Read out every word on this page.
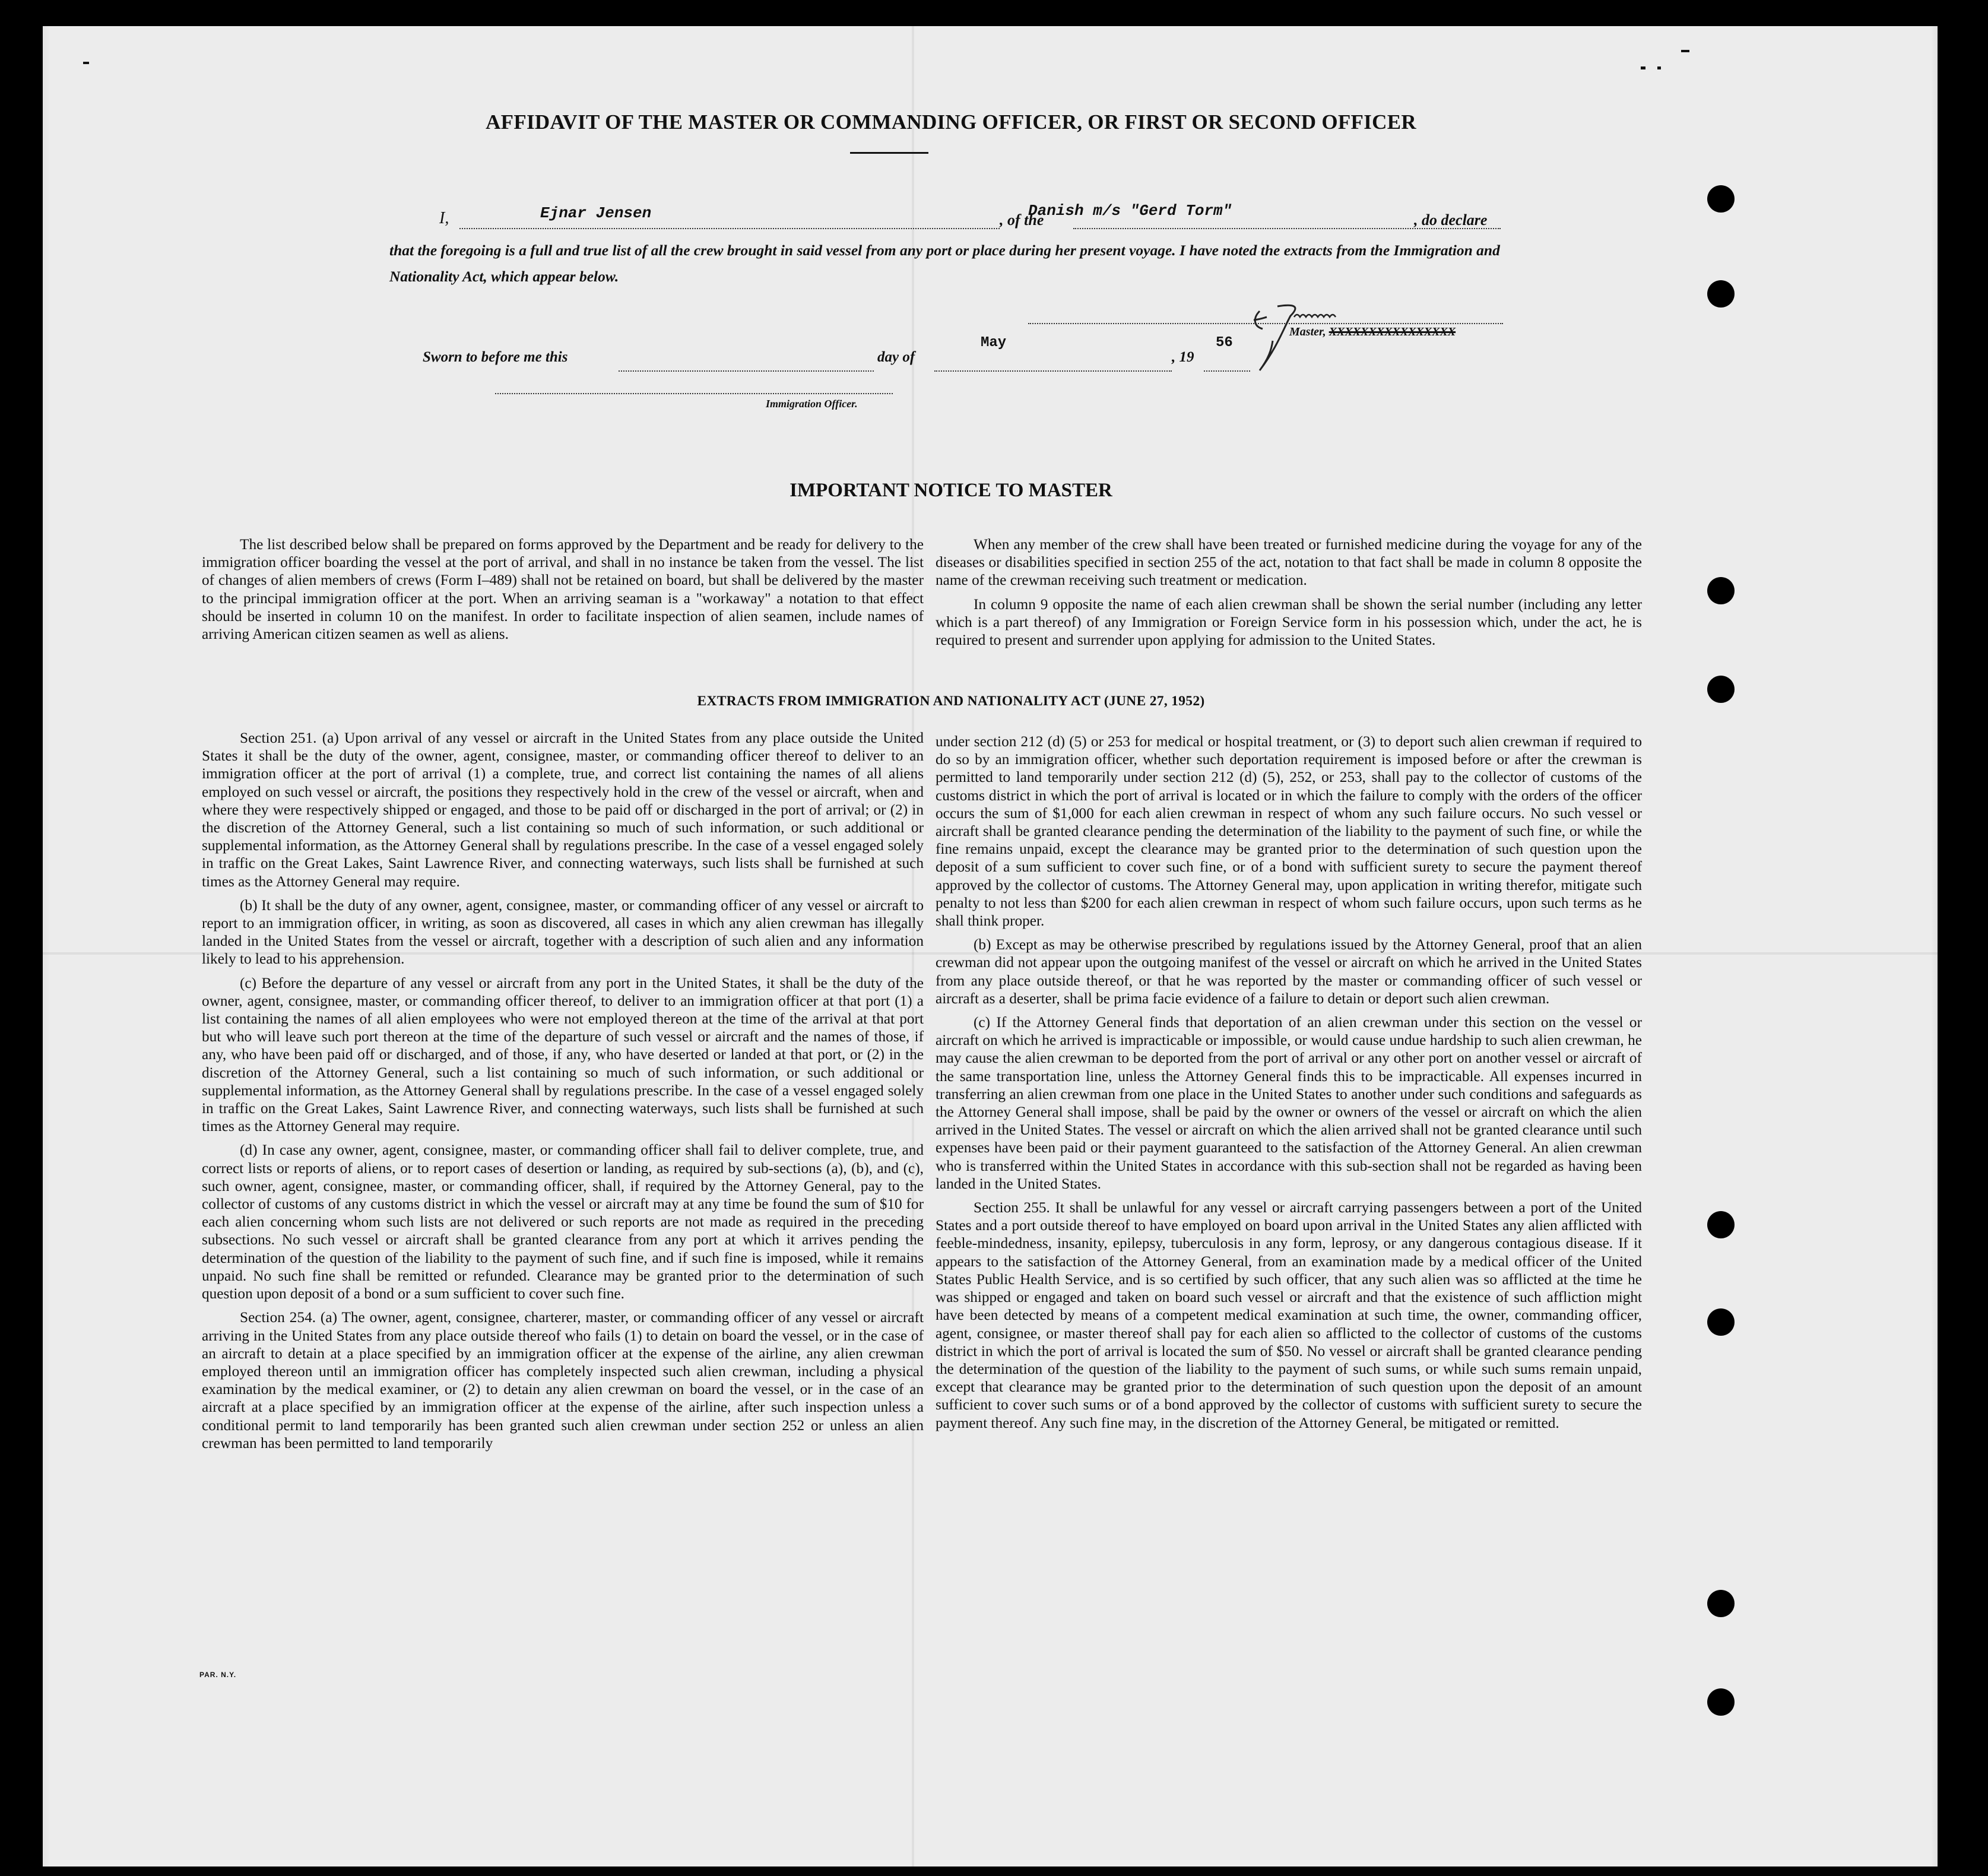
AFFIDAVIT OF THE MASTER OR COMMANDING OFFICER, OR FIRST OR SECOND OFFICER
I,	Ejnar Jensen	, of the
Danish m/s "Gerd Torm"
, do declare
that the foregoing is a full and true list of all the crew brought in said vessel from any port or place during her present voyage. I have noted the extracts from the Immigration and Nationality Act, which appear below.
Master, XXXXXXXXXXXXXXXX
Sworn to before me this	day of
May
, 19
56
Immigration Officer.
IMPORTANT NOTICE TO MASTER

The list described below shall be prepared on forms approved by the Department and be ready for delivery to the immigration officer boarding the vessel at the port of arrival, and shall in no instance be taken from the vessel. The list of changes of alien members of crews (Form I–489) shall not be retained on board, but shall be delivered by the master to the principal immigration officer at the port. When an arriving seaman is a "workaway" a notation to that effect should be inserted in column 10 on the manifest. In order to facilitate inspection of alien seamen, include names of arriving American citizen seamen as well as aliens.

When any member of the crew shall have been treated or furnished medicine during the voyage for any of the diseases or disabilities specified in section 255 of the act, notation to that fact shall be made in column 8 opposite the name of the crewman receiving such treatment or medication.

In column 9 opposite the name of each alien crewman shall be shown the serial number (including any letter which is a part thereof) of any Immigration or Foreign Service form in his possession which, under the act, he is required to present and surrender upon applying for admission to the United States.

EXTRACTS FROM IMMIGRATION AND NATIONALITY ACT (JUNE 27, 1952)

Section 251. (a) Upon arrival of any vessel or aircraft in the United States from any place outside the United States it shall be the duty of the owner, agent, consignee, master, or commanding officer thereof to deliver to an immigration officer at the port of arrival (1) a complete, true, and correct list containing the names of all aliens employed on such vessel or aircraft, the positions they respectively hold in the crew of the vessel or aircraft, when and where they were respectively shipped or engaged, and those to be paid off or discharged in the port of arrival; or (2) in the discretion of the Attorney General, such a list containing so much of such information, or such additional or supplemental information, as the Attorney General shall by regulations prescribe. In the case of a vessel engaged solely in traffic on the Great Lakes, Saint Lawrence River, and connecting waterways, such lists shall be furnished at such times as the Attorney General may require.

(b) It shall be the duty of any owner, agent, consignee, master, or commanding officer of any vessel or aircraft to report to an immigration officer, in writing, as soon as discovered, all cases in which any alien crewman has illegally landed in the United States from the vessel or aircraft, together with a description of such alien and any information likely to lead to his apprehension.

(c) Before the departure of any vessel or aircraft from any port in the United States, it shall be the duty of the owner, agent, consignee, master, or commanding officer thereof, to deliver to an immigration officer at that port (1) a list containing the names of all alien employees who were not employed thereon at the time of the arrival at that port but who will leave such port thereon at the time of the departure of such vessel or aircraft and the names of those, if any, who have been paid off or discharged, and of those, if any, who have deserted or landed at that port, or (2) in the discretion of the Attorney General, such a list containing so much of such information, or such additional or supplemental information, as the Attorney General shall by regulations prescribe. In the case of a vessel engaged solely in traffic on the Great Lakes, Saint Lawrence River, and connecting waterways, such lists shall be furnished at such times as the Attorney General may require.

(d) In case any owner, agent, consignee, master, or commanding officer shall fail to deliver complete, true, and correct lists or reports of aliens, or to report cases of desertion or landing, as required by sub-sections (a), (b), and (c), such owner, agent, consignee, master, or commanding officer, shall, if required by the Attorney General, pay to the collector of customs of any customs district in which the vessel or aircraft may at any time be found the sum of $10 for each alien concerning whom such lists are not delivered or such reports are not made as required in the preceding subsections. No such vessel or aircraft shall be granted clearance from any port at which it arrives pending the determination of the question of the liability to the payment of such fine, and if such fine is imposed, while it remains unpaid. No such fine shall be remitted or refunded. Clearance may be granted prior to the determination of such question upon deposit of a bond or a sum sufficient to cover such fine.

Section 254. (a) The owner, agent, consignee, charterer, master, or commanding officer of any vessel or aircraft arriving in the United States from any place outside thereof who fails (1) to detain on board the vessel, or in the case of an aircraft to detain at a place specified by an immigration officer at the expense of the airline, any alien crewman employed thereon until an immigration officer has completely inspected such alien crewman, including a physical examination by the medical examiner, or (2) to detain any alien crewman on board the vessel, or in the case of an aircraft at a place specified by an immigration officer at the expense of the airline, after such inspection unless a conditional permit to land temporarily has been granted such alien crewman under section 252 or unless an alien crewman has been permitted to land temporarily

under section 212 (d) (5) or 253 for medical or hospital treatment, or (3) to deport such alien crewman if required to do so by an immigration officer, whether such deportation requirement is imposed before or after the crewman is permitted to land temporarily under section 212 (d) (5), 252, or 253, shall pay to the collector of customs of the customs district in which the port of arrival is located or in which the failure to comply with the orders of the officer occurs the sum of $1,000 for each alien crewman in respect of whom any such failure occurs. No such vessel or aircraft shall be granted clearance pending the determination of the liability to the payment of such fine, or while the fine remains unpaid, except the clearance may be granted prior to the determination of such question upon the deposit of a sum sufficient to cover such fine, or of a bond with sufficient surety to secure the payment thereof approved by the collector of customs. The Attorney General may, upon application in writing therefor, mitigate such penalty to not less than $200 for each alien crewman in respect of whom such failure occurs, upon such terms as he shall think proper.

(b) Except as may be otherwise prescribed by regulations issued by the Attorney General, proof that an alien crewman did not appear upon the outgoing manifest of the vessel or aircraft on which he arrived in the United States from any place outside thereof, or that he was reported by the master or commanding officer of such vessel or aircraft as a deserter, shall be prima facie evidence of a failure to detain or deport such alien crewman.

(c) If the Attorney General finds that deportation of an alien crewman under this section on the vessel or aircraft on which he arrived is impracticable or impossible, or would cause undue hardship to such alien crewman, he may cause the alien crewman to be deported from the port of arrival or any other port on another vessel or aircraft of the same transportation line, unless the Attorney General finds this to be impracticable. All expenses incurred in transferring an alien crewman from one place in the United States to another under such conditions and safeguards as the Attorney General shall impose, shall be paid by the owner or owners of the vessel or aircraft on which the alien arrived in the United States. The vessel or aircraft on which the alien arrived shall not be granted clearance until such expenses have been paid or their payment guaranteed to the satisfaction of the Attorney General. An alien crewman who is transferred within the United States in accordance with this sub-section shall not be regarded as having been landed in the United States.

Section 255. It shall be unlawful for any vessel or aircraft carrying passengers between a port of the United States and a port outside thereof to have employed on board upon arrival in the United States any alien afflicted with feeble-mindedness, insanity, epilepsy, tuberculosis in any form, leprosy, or any dangerous contagious disease. If it appears to the satisfaction of the Attorney General, from an examination made by a medical officer of the United States Public Health Service, and is so certified by such officer, that any such alien was so afflicted at the time he was shipped or engaged and taken on board such vessel or aircraft and that the existence of such affliction might have been detected by means of a competent medical examination at such time, the owner, commanding officer, agent, consignee, or master thereof shall pay for each alien so afflicted to the collector of customs of the customs district in which the port of arrival is located the sum of $50. No vessel or aircraft shall be granted clearance pending the determination of the question of the liability to the payment of such sums, or while such sums remain unpaid, except that clearance may be granted prior to the determination of such question upon the deposit of an amount sufficient to cover such sums or of a bond approved by the collector of customs with sufficient surety to secure the payment thereof. Any such fine may, in the discretion of the Attorney General, be mitigated or remitted.

PAR. N.Y.
